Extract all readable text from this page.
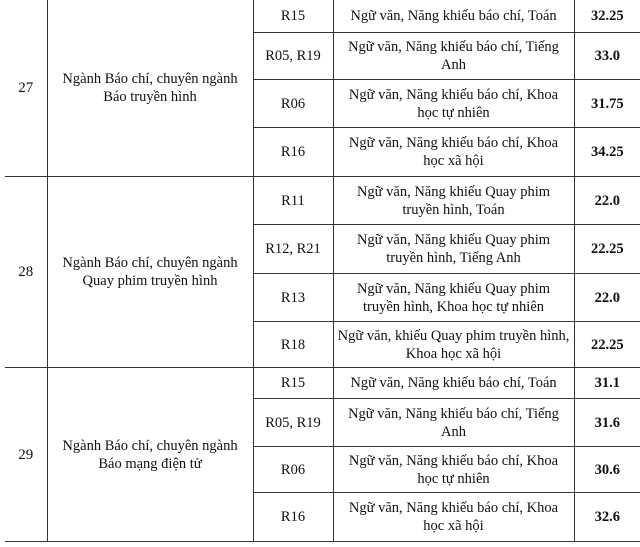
27	Ngành Báo chí, chuyên ngành Báo truyền hình	R15	Ngữ văn, Năng khiếu báo chí, Toán	32.25
		R05, R19	Ngữ văn, Năng khiếu báo chí, Tiếng Anh	33.0
		R06	Ngữ văn, Năng khiếu báo chí, Khoa học tự nhiên	31.75
		R16	Ngữ văn, Năng khiếu báo chí, Khoa học xã hội	34.25
28	Ngành Báo chí, chuyên ngành Quay phim truyền hình	R11	Ngữ văn, Năng khiếu Quay phim truyền hình, Toán	22.0
		R12, R21	Ngữ văn, Năng khiếu Quay phim truyền hình, Tiếng Anh	22.25
		R13	Ngữ văn, Năng khiếu Quay phim truyền hình, Khoa học tự nhiên	22.0
		R18	Ngữ văn, khiếu Quay phim truyền hình, Khoa học xã hội	22.25
29	Ngành Báo chí, chuyên ngành Báo mạng điện tử	R15	Ngữ văn, Năng khiếu báo chí, Toán	31.1
		R05, R19	Ngữ văn, Năng khiếu báo chí, Tiếng Anh	31.6
		R06	Ngữ văn, Năng khiếu báo chí, Khoa học tự nhiên	30.6
		R16	Ngữ văn, Năng khiếu báo chí, Khoa học xã hội	32.6
